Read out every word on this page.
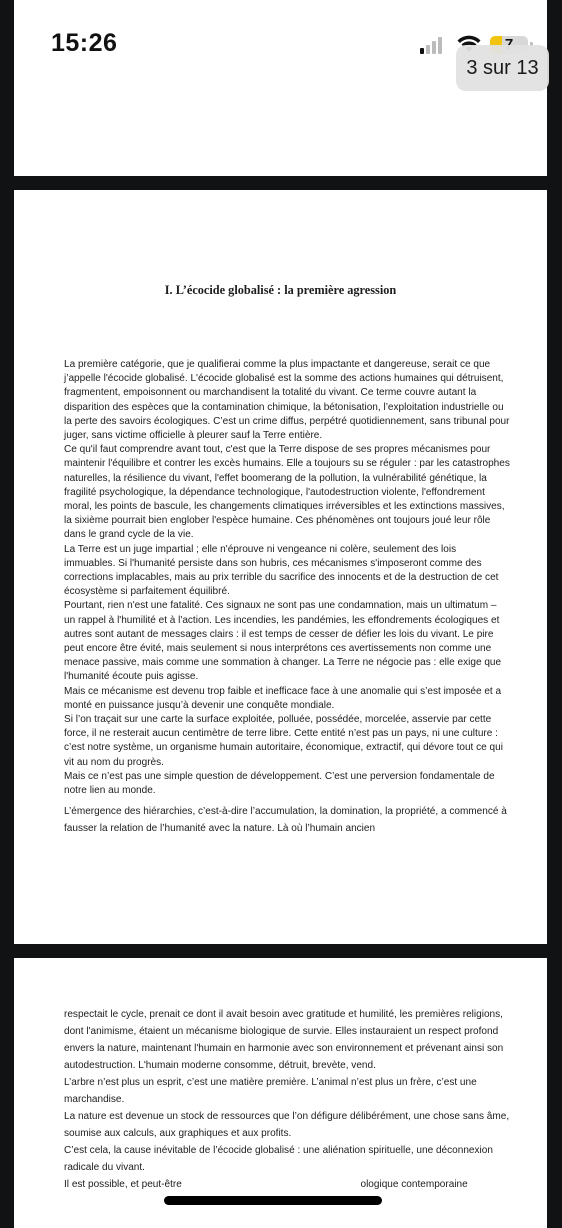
15:26
3 sur 13
I. L’écocide globalisé : la première agression

La première catégorie, que je qualifierai comme la plus impactante et dangereuse, serait ce que j’appelle l'écocide globalisé. L'écocide globalisé est la somme des actions humaines qui détruisent, fragmentent, empoisonnent ou marchandisent la totalité du vivant. Ce terme couvre autant la disparition des espèces que la contamination chimique, la bétonisation, l’exploitation industrielle ou la perte des savoirs écologiques. C’est un crime diffus, perpétré quotidiennement, sans tribunal pour juger, sans victime officielle à pleurer sauf la Terre entière.

Ce qu'il faut comprendre avant tout, c'est que la Terre dispose de ses propres mécanismes pour maintenir l'équilibre et contrer les excès humains. Elle a toujours su se réguler : par les catastrophes naturelles, la résilience du vivant, l'effet boomerang de la pollution, la vulnérabilité génétique, la fragilité psychologique, la dépendance technologique, l'autodestruction violente, l'effondrement moral, les points de bascule, les changements climatiques irréversibles et les extinctions massives, la sixième pourrait bien englober l'espèce humaine. Ces phénomènes ont toujours joué leur rôle dans le grand cycle de la vie.

La Terre est un juge impartial ; elle n'éprouve ni vengeance ni colère, seulement des lois immuables. Si l'humanité persiste dans son hubris, ces mécanismes s'imposeront comme des corrections implacables, mais au prix terrible du sacrifice des innocents et de la destruction de cet écosystème si parfaitement équilibré.

Pourtant, rien n'est une fatalité. Ces signaux ne sont pas une condamnation, mais un ultimatum – un rappel à l'humilité et à l'action. Les incendies, les pandémies, les effondrements écologiques et autres sont autant de messages clairs : il est temps de cesser de défier les lois du vivant. Le pire peut encore être évité, mais seulement si nous interprétons ces avertissements non comme une menace passive, mais comme une sommation à changer. La Terre ne négocie pas : elle exige que l'humanité écoute puis agisse.

Mais ce mécanisme est devenu trop faible et inefficace face à une anomalie qui s’est imposée et a monté en puissance jusqu’à devenir une conquête mondiale.

Si l’on traçait sur une carte la surface exploitée, polluée, possédée, morcelée, asservie par cette force, il ne resterait aucun centimètre de terre libre. Cette entité n’est pas un pays, ni une culture : c’est notre système, un organisme humain autoritaire, économique, extractif, qui dévore tout ce qui vit au nom du progrès.

Mais ce n’est pas une simple question de développement. C’est une perversion fondamentale de notre lien au monde.

L’émergence des hiérarchies, c’est-à-dire l’accumulation, la domination, la propriété, a commencé à fausser la relation de l’humanité avec la nature. Là où l’humain ancien

respectait le cycle, prenait ce dont il avait besoin avec gratitude et humilité, les premières religions, dont l'animisme, étaient un mécanisme biologique de survie. Elles instauraient un respect profond envers la nature, maintenant l'humain en harmonie avec son environnement et prévenant ainsi son autodestruction. L'humain moderne consomme, détruit, brevète, vend.

L’arbre n’est plus un esprit, c’est une matière première. L’animal n’est plus un frère, c’est une marchandise.

La nature est devenue un stock de ressources que l’on défigure délibérément, une chose sans âme, soumise aux calculs, aux graphiques et aux profits.

C’est cela, la cause inévitable de l’écocide globalisé : une aliénation spirituelle, une déconnexion radicale du vivant.

Il est possible, et peut-être                                                                ologique contemporaine
